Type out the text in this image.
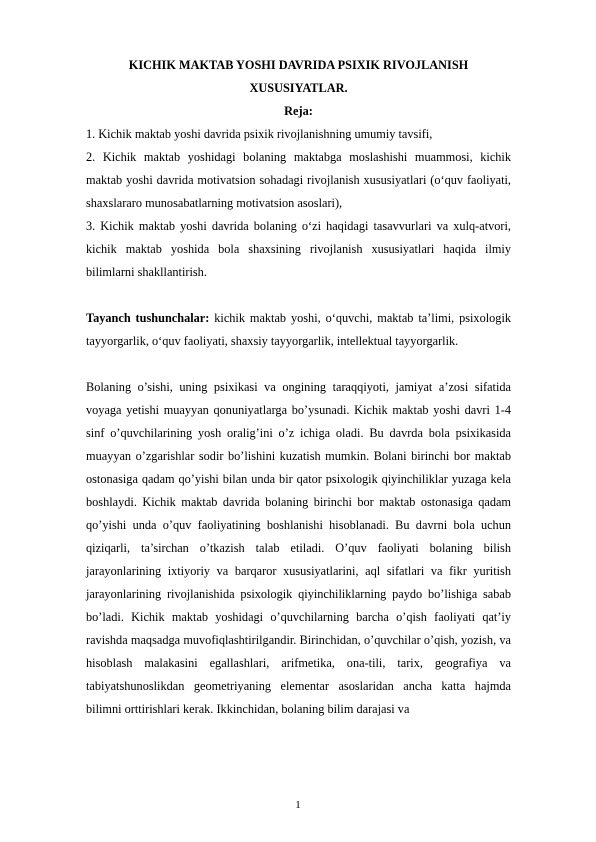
KICHIK MAKTAB YOSHI DAVRIDA PSIXIK RIVOJLANISH XUSUSIYATLAR.
Reja:

1. Kichik maktab yoshi davrida psixik rivojlanishning umumiy tavsifi,

2. Kichik maktab yoshidagi bolaning maktabga moslashishi muammosi, kichik maktab yoshi davrida motivatsion sohadagi rivojlanish xususiyatlari (o‘quv faoliyati, shaxslararo munosabatlarning motivatsion asoslari),

3. Kichik maktab yoshi davrida bolaning o‘zi haqidagi tasavvurlari va xulq-atvori, kichik maktab yoshida bola shaxsining rivojlanish xususiyatlari haqida ilmiy bilimlarni shakllantirish.

Tayanch tushunchalar: kichik maktab yoshi, o‘quvchi, maktab ta’limi, psixologik tayyorgarlik, o‘quv faoliyati, shaxsiy tayyorgarlik, intellektual tayyorgarlik.

Bolaning o’sishi, uning psixikasi va ongining taraqqiyoti, jamiyat a’zosi sifatida voyaga yetishi muayyan qonuniyatlarga bo’ysunadi. Kichik maktab yoshi davri 1-4 sinf o’quvchilarining yosh oralig’ini o’z ichiga oladi. Bu davrda bola psixikasida muayyan o’zgarishlar sodir bo’lishini kuzatish mumkin. Bolani birinchi bor maktab ostonasiga qadam qo’yishi bilan unda bir qator psixologik qiyinchiliklar yuzaga kela boshlaydi. Kichik maktab davrida bolaning birinchi bor maktab ostonasiga qadam qo’yishi unda o’quv faoliyatining boshlanishi hisoblanadi. Bu davrni bola uchun qiziqarli, ta’sirchan o’tkazish talab etiladi. O’quv faoliyati bolaning bilish jarayonlarining ixtiyoriy va barqaror xususiyatlarini, aql sifatlari va fikr yuritish jarayonlarining rivojlanishida psixologik qiyinchiliklarning paydo bo’lishiga sabab bo’ladi. Kichik maktab yoshidagi o’quvchilarning barcha o’qish faoliyati qat’iy ravishda maqsadga muvofiqlashtirilgandir. Birinchidan, o’quvchilar o’qish, yozish, va hisoblash malakasini egallashlari, arifmetika, ona-tili, tarix, geografiya va tabiyatshunoslikdan geometriyaning elementar asoslaridan ancha katta hajmda bilimni orttirishlari kerak. Ikkinchidan, bolaning bilim darajasi va

1
